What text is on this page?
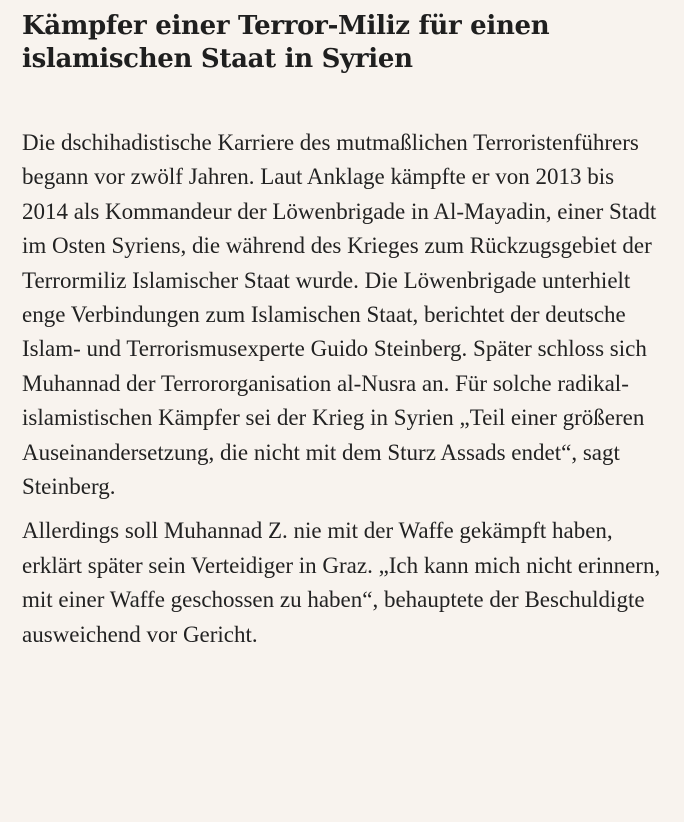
Kämpfer einer Terror-Miliz für einen islamischen Staat in Syrien

Die dschihadistische Karriere des mutmaßlichen Terroristenführers begann vor zwölf Jahren. Laut Anklage kämpfte er von 2013 bis 2014 als Kommandeur der Löwenbrigade in Al-Mayadin, einer Stadt im Osten Syriens, die während des Krieges zum Rückzugsgebiet der Terrormiliz Islamischer Staat wurde. Die Löwenbrigade unterhielt enge Verbindungen zum Islamischen Staat, berichtet der deutsche Islam- und Terrorismusexperte Guido Steinberg. Später schloss sich Muhannad der Terrororganisation al-Nusra an. Für solche radikal-islamistischen Kämpfer sei der Krieg in Syrien „Teil einer größeren Auseinandersetzung, die nicht mit dem Sturz Assads endet“, sagt Steinberg.

Allerdings soll Muhannad Z. nie mit der Waffe gekämpft haben, erklärt später sein Verteidiger in Graz. „Ich kann mich nicht erinnern, mit einer Waffe geschossen zu haben“, behauptete der Beschuldigte ausweichend vor Gericht.
